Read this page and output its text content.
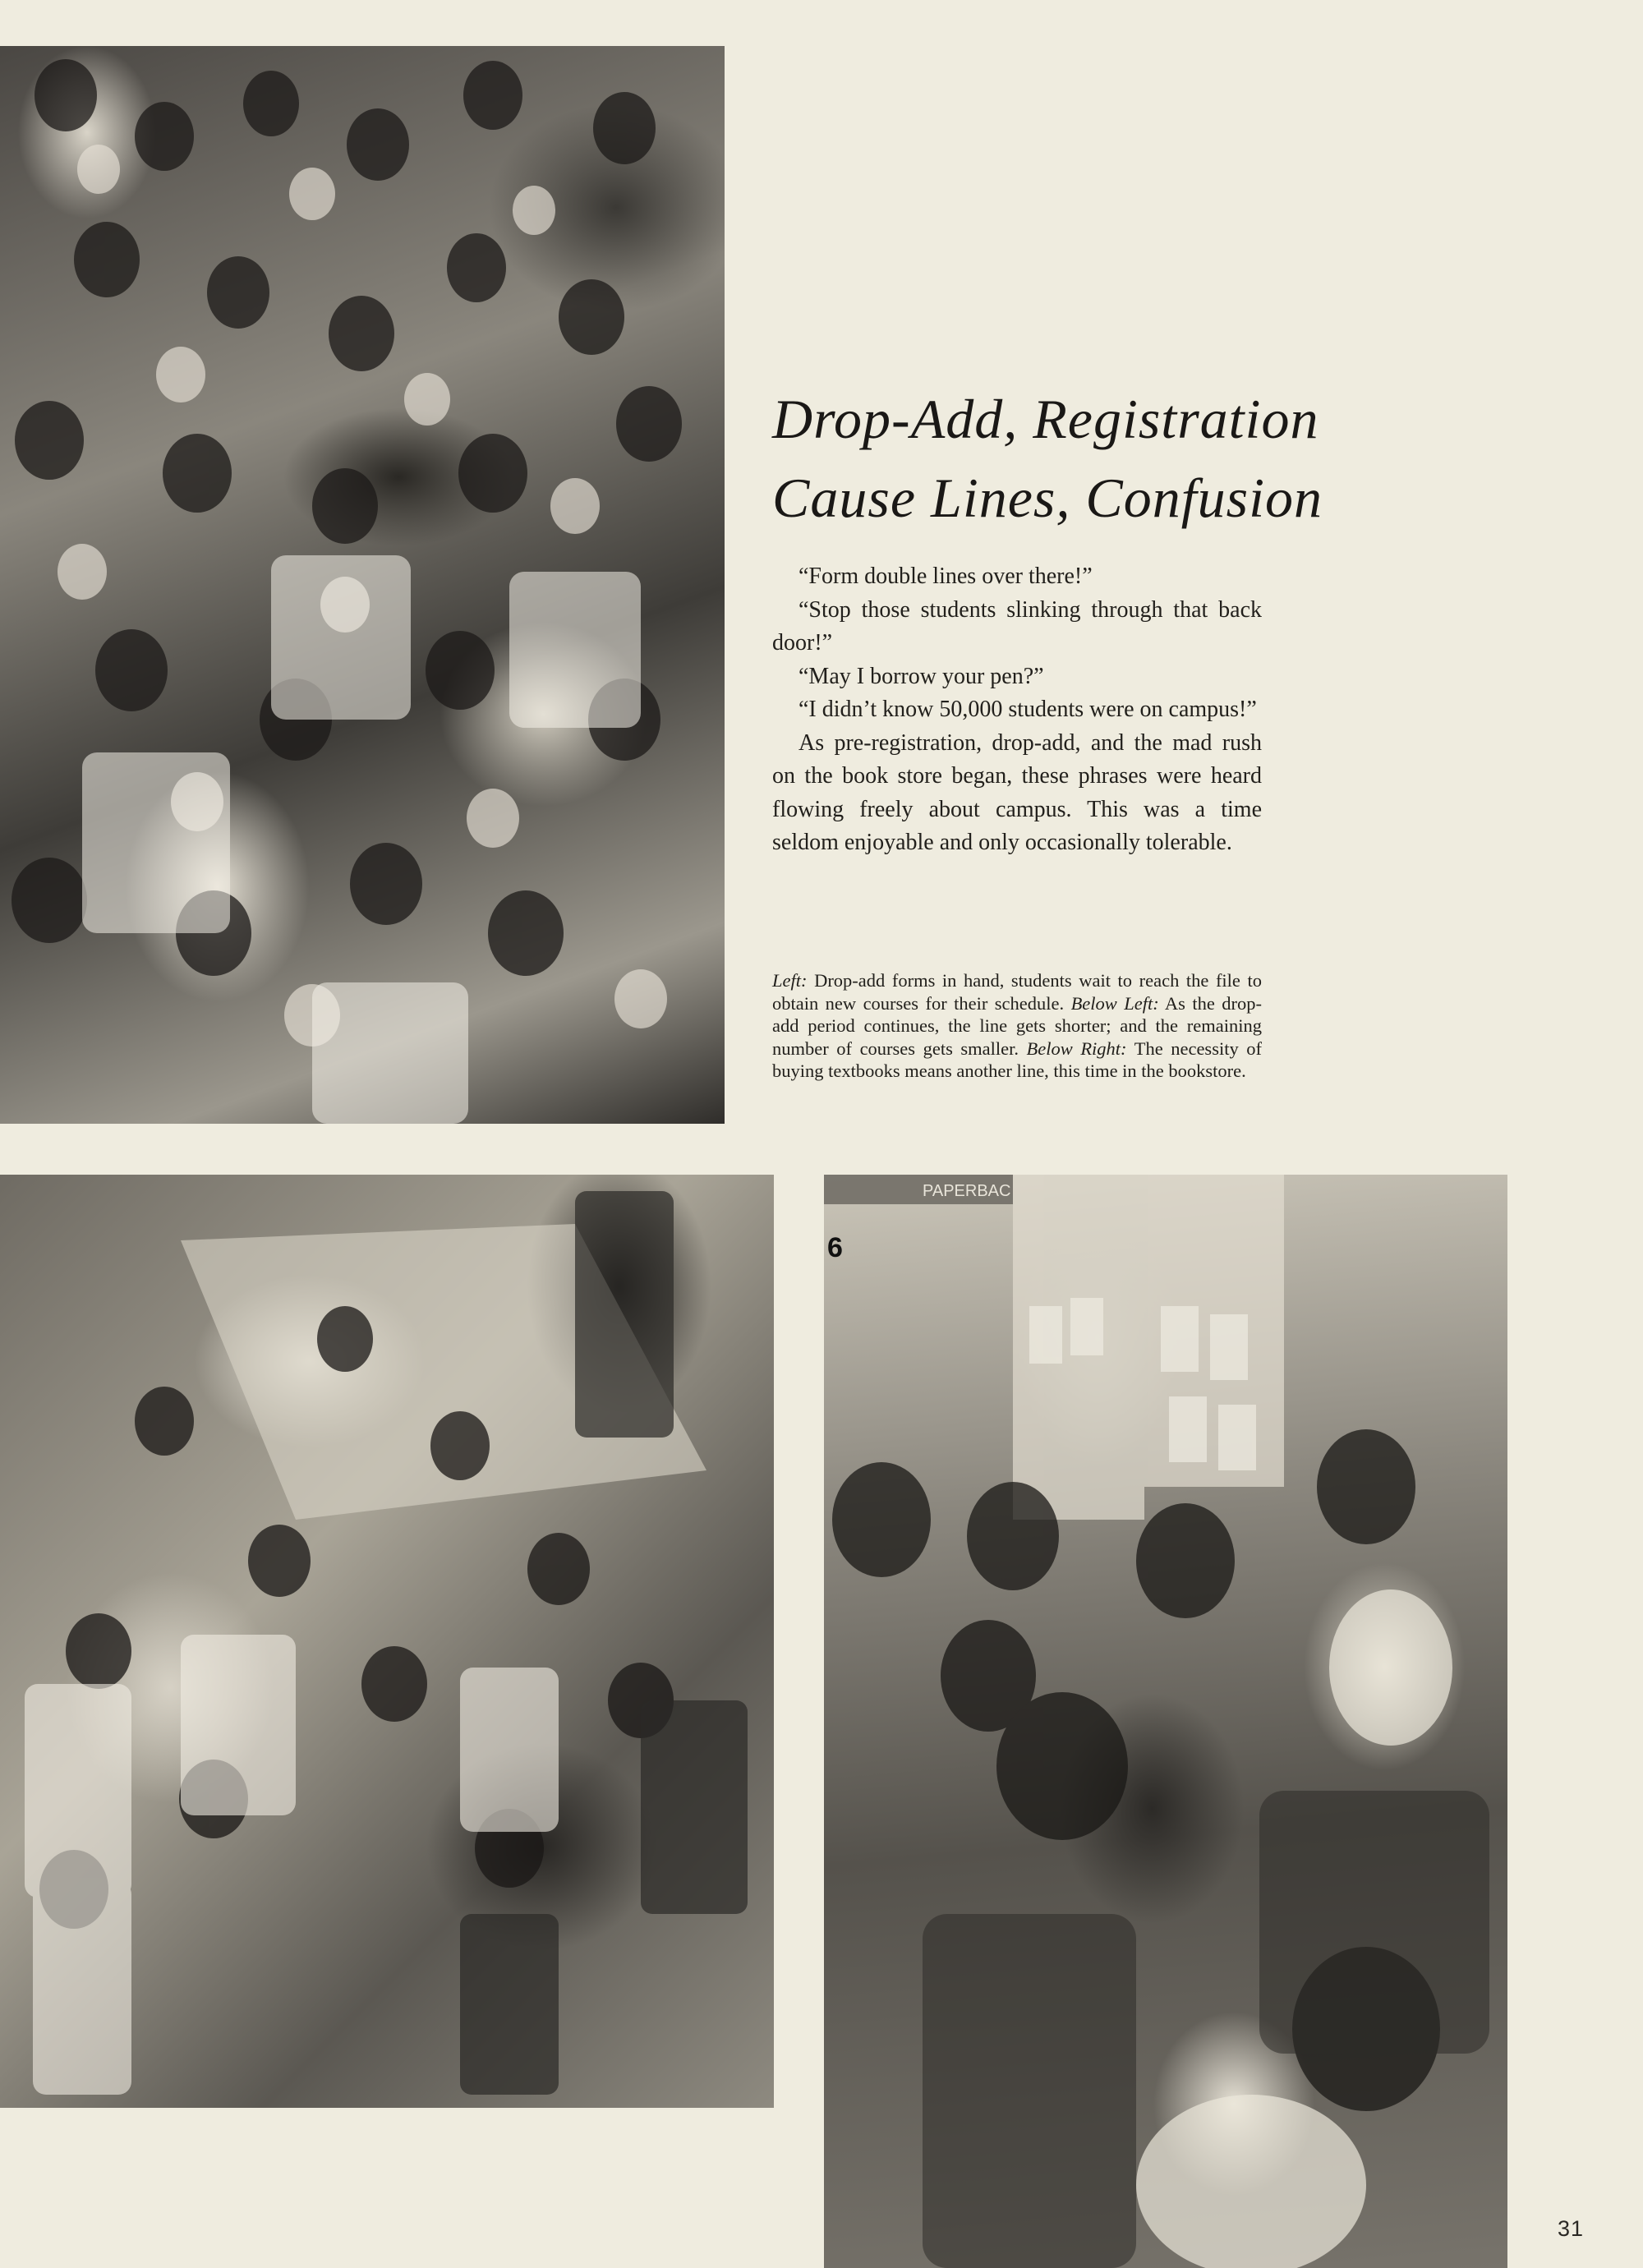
Drop-Add, Registration
Cause Lines, Confusion

“Form double lines over there!”

“Stop those students slinking through that back door!”

“May I borrow your pen?”

“I didn’t know 50,000 students were on campus!”

As pre-registration, drop-add, and the mad rush on the book store began, these phrases were heard flowing freely about campus. This was a time seldom enjoyable and only occasionally tolerable.

Left: Drop-add forms in hand, students wait to reach the file to obtain new courses for their schedule. Below Left: As the drop-add period continues, the line gets shorter; and the remaining number of courses gets smaller. Below Right: The necessity of buying textbooks means another line, this time in the bookstore.

PAPERBAC
6
31
